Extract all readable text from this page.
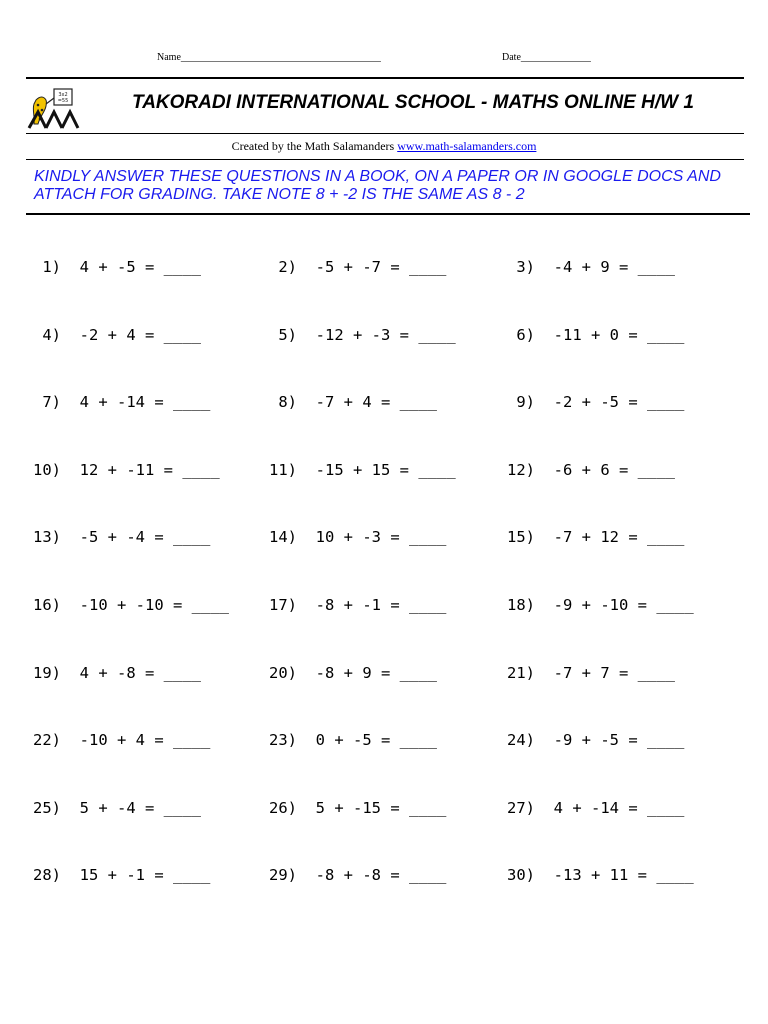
Name________________________________________	Date______________
3x2
=55	TAKORADI INTERNATIONAL SCHOOL - MATHS ONLINE H/W 1
Created by the Math Salamanders www.math-salamanders.com
KINDLY ANSWER THESE QUESTIONS IN A BOOK, ON A PAPER OR IN GOOGLE DOCS AND
ATTACH FOR GRADING. TAKE NOTE 8 + -2 IS THE SAME AS 8 - 2
1) 4 + -5 = ____	2) -5 + -7 = ____	3) -4 + 9 = ____
4) -2 + 4 = ____	5) -12 + -3 = ____	6) -11 + 0 = ____
7) 4 + -14 = ____	8) -7 + 4 = ____	9) -2 + -5 = ____
10) 12 + -11 = ____	11) -15 + 15 = ____	12) -6 + 6 = ____
13) -5 + -4 = ____	14) 10 + -3 = ____	15) -7 + 12 = ____
16) -10 + -10 = ____	17) -8 + -1 = ____	18) -9 + -10 = ____
19) 4 + -8 = ____	20) -8 + 9 = ____	21) -7 + 7 = ____
22) -10 + 4 = ____	23) 0 + -5 = ____	24) -9 + -5 = ____
25) 5 + -4 = ____	26) 5 + -15 = ____	27) 4 + -14 = ____
28) 15 + -1 = ____	29) -8 + -8 = ____	30) -13 + 11 = ____
